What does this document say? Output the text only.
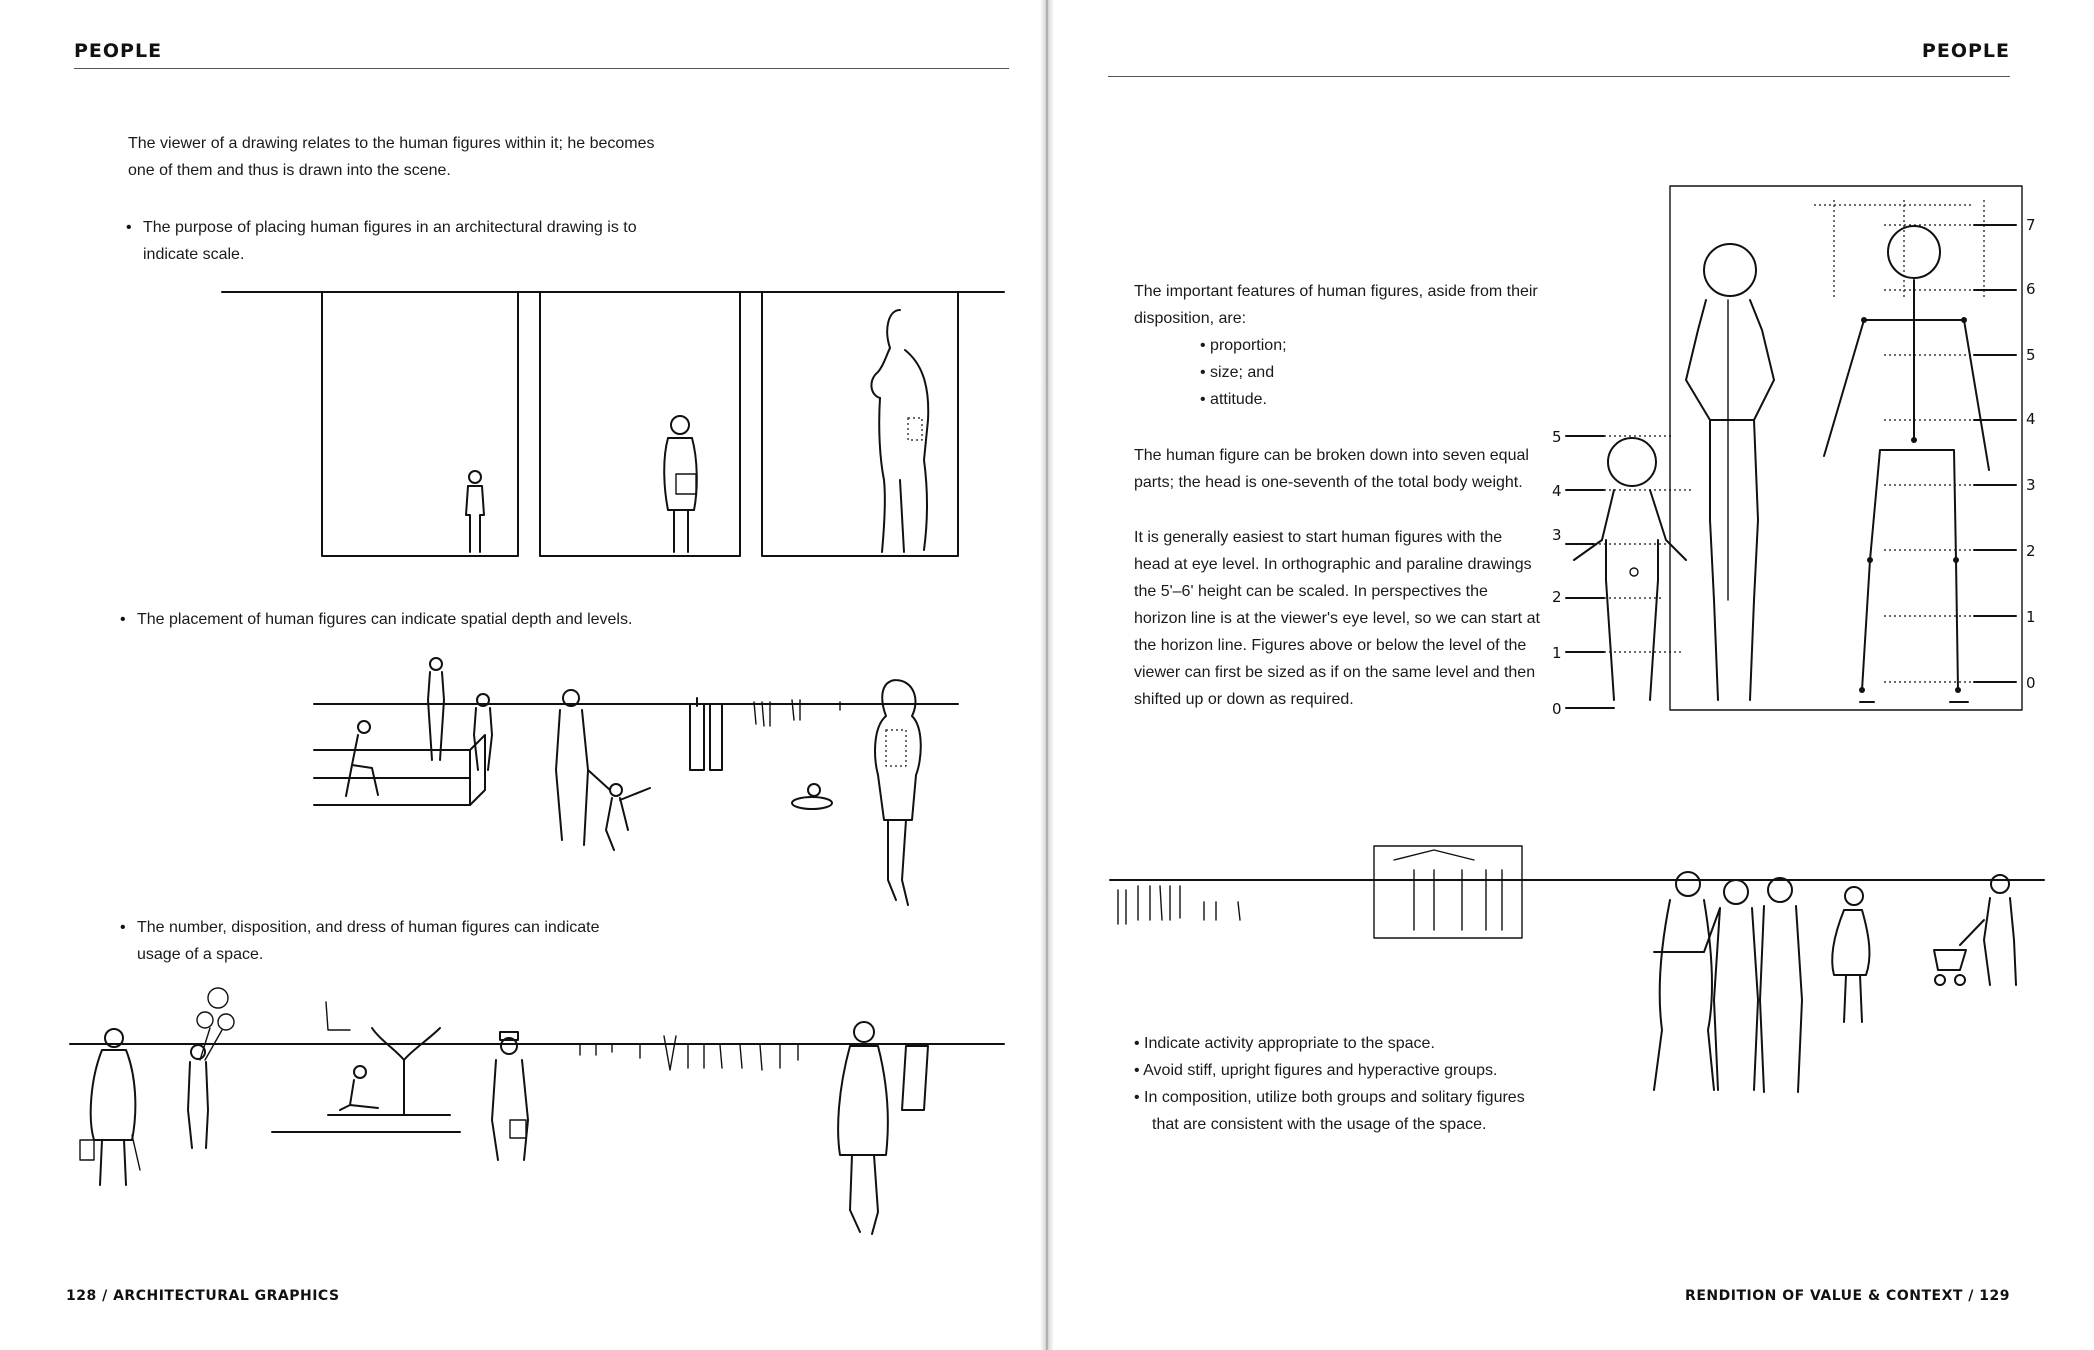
PEOPLE
The viewer of a drawing relates to the human figures within it; he becomes
one of them and thus is drawn into the scene.
• The purpose of placing human figures in an architectural drawing is to
indicate scale.
• The placement of human figures can indicate spatial depth and levels.
• The number, disposition, and dress of human figures can indicate
usage of a space.
128 / ARCHITECTURAL GRAPHICS
PEOPLE
The important features of human figures, aside from their
disposition, are:
• proportion;
• size; and
• attitude.
The human figure can be broken down into seven equal
parts; the head is one-seventh of the total body weight.
It is generally easiest to start human figures with the
head at eye level. In orthographic and paraline drawings
the 5'–6' height can be scaled. In perspectives the
horizon line is at the viewer's eye level, so we can start at
the horizon line. Figures above or below the level of the
viewer can first be sized as if on the same level and then
shifted up or down as required.
5
4
3
2
1
0
7
6
5
4
3
2
1
0
• Indicate activity appropriate to the space.
• Avoid stiff, upright figures and hyperactive groups.
• In composition, utilize both groups and solitary figures
that are consistent with the usage of the space.
RENDITION OF VALUE & CONTEXT / 129
